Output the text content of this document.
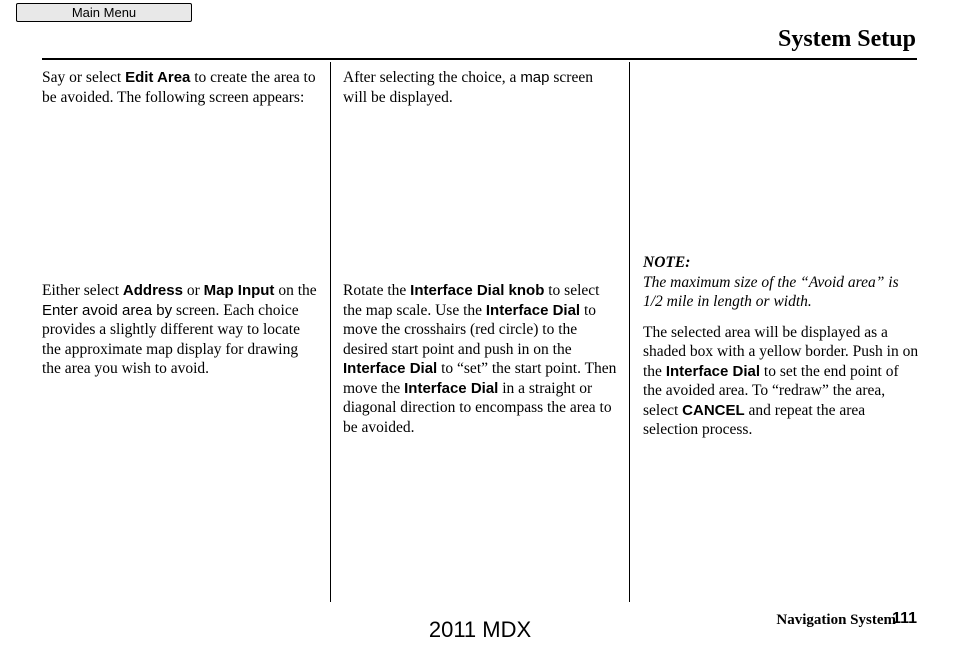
Main Menu
System Setup

Say or select Edit Area to create the area to be avoided. The following screen appears:

Either select Address or Map Input on the Enter avoid area by screen. Each choice provides a slightly different way to locate the approximate map display for drawing the area you wish to avoid.

After selecting the choice, a map screen will be displayed.

Rotate the Interface Dial knob to select the map scale. Use the Interface Dial to move the crosshairs (red circle) to the desired start point and push in on the Interface Dial to “set” the start point. Then move the Interface Dial in a straight or diagonal direction to encompass the area to be avoided.

NOTE:

The maximum size of the “Avoid area” is 1/2 mile in length or width.

The selected area will be displayed as a shaded box with a yellow border. Push in on the Interface Dial to set the end point of the avoided area. To “redraw” the area, select CANCEL and repeat the area selection process.

Navigation System
111
2011 MDX
